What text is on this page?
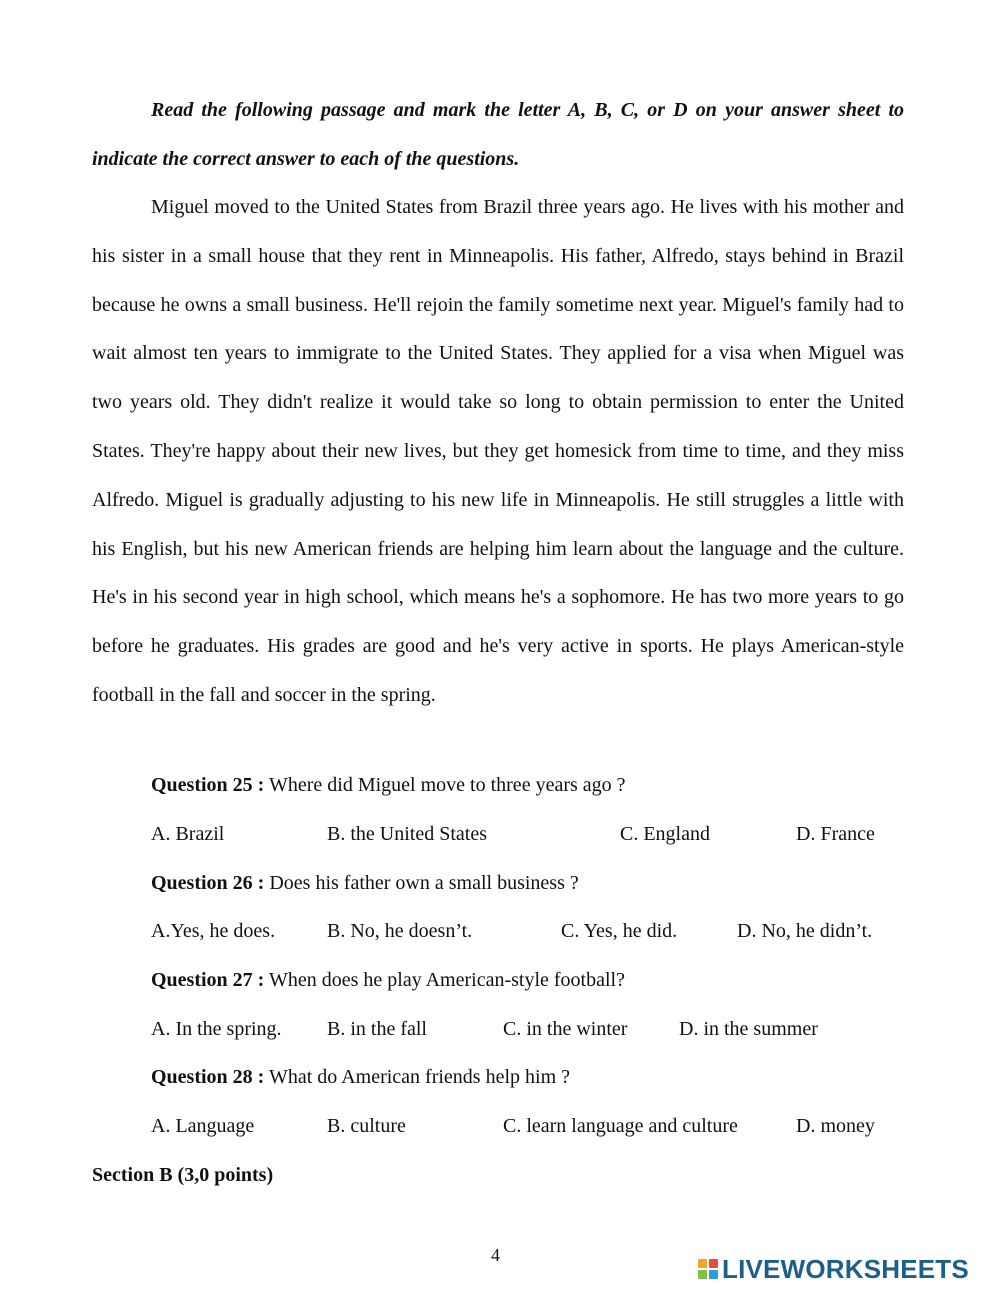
Read the following passage and mark the letter A, B, C, or D on your answer sheet to indicate the correct answer to each of the questions.

Miguel moved to the United States from Brazil three years ago. He lives with his mother and his sister in a small house that they rent in Minneapolis. His father, Alfredo, stays behind in Brazil because he owns a small business. He'll rejoin the family sometime next year. Miguel's family had to wait almost ten years to immigrate to the United States. They applied for a visa when Miguel was two years old. They didn't realize it would take so long to obtain permission to enter the United States. They're happy about their new lives, but they get homesick from time to time, and they miss Alfredo. Miguel is gradually adjusting to his new life in Minneapolis. He still struggles a little with his English, but his new American friends are helping him learn about the language and the culture. He's in his second year in high school, which means he's a sophomore. He has two more years to go before he graduates. His grades are good and he's very active in sports. He plays American-style football in the fall and soccer in the spring.

Question 25 : Where did Miguel move to three years ago ?
A. Brazil	B. the United States	C. England	D. France
Question 26 : Does his father own a small business ?
A.Yes, he does.	B. No, he doesn’t.	C. Yes, he did.	D. No, he didn’t.
Question 27 : When does he play American-style football?
A. In the spring. B. in the fall	C. in the winter	D. in the summer
Question 28 : What do American friends help him ?
A. Language	B. culture	C. learn language and culture	D. money
Section B (3,0 points)
4	LIVEWORKSHEETS
